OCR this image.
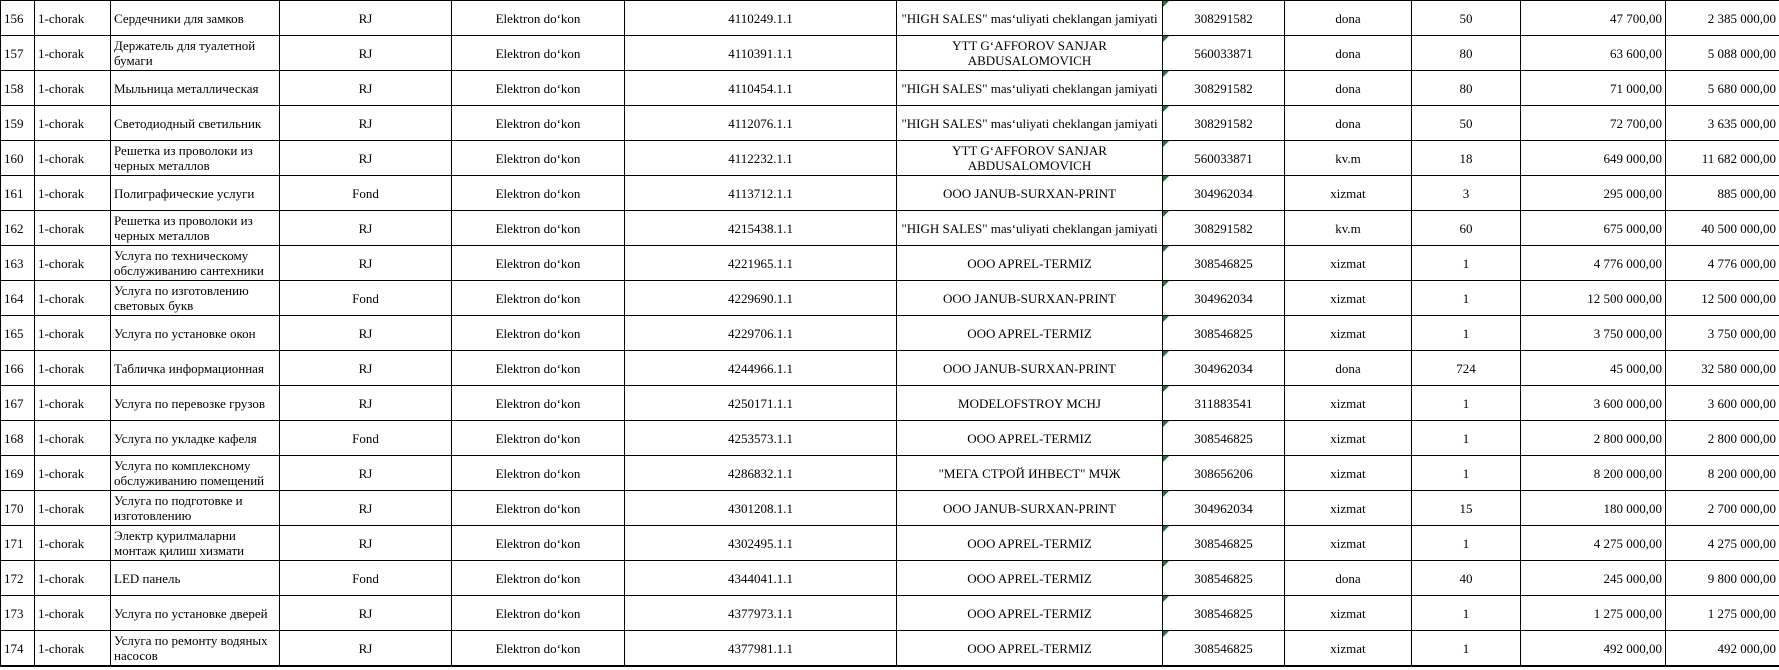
156	1-chorak	Сердечники для замков	RJ	Elektron do‘kon	4110249.1.1	"HIGH SALES" mas‘uliyati cheklangan jamiyati	308291582	dona	50	47 700,00	2 385 000,00
157	1-chorak	Держатель для туалетной бумаги	RJ	Elektron do‘kon	4110391.1.1	YTT G‘AFFOROV SANJAR ABDUSALOMOVICH	560033871	dona	80	63 600,00	5 088 000,00
158	1-chorak	Мыльница металлическая	RJ	Elektron do‘kon	4110454.1.1	"HIGH SALES" mas‘uliyati cheklangan jamiyati	308291582	dona	80	71 000,00	5 680 000,00
159	1-chorak	Светодиодный светильник	RJ	Elektron do‘kon	4112076.1.1	"HIGH SALES" mas‘uliyati cheklangan jamiyati	308291582	dona	50	72 700,00	3 635 000,00
160	1-chorak	Решетка из проволоки из черных металлов	RJ	Elektron do‘kon	4112232.1.1	YTT G‘AFFOROV SANJAR ABDUSALOMOVICH	560033871	kv.m	18	649 000,00	11 682 000,00
161	1-chorak	Полиграфические услуги	Fond	Elektron do‘kon	4113712.1.1	OOO JANUB-SURXAN-PRINT	304962034	xizmat	3	295 000,00	885 000,00
162	1-chorak	Решетка из проволоки из черных металлов	RJ	Elektron do‘kon	4215438.1.1	"HIGH SALES" mas‘uliyati cheklangan jamiyati	308291582	kv.m	60	675 000,00	40 500 000,00
163	1-chorak	Услуга по техническому обслуживанию сантехники	RJ	Elektron do‘kon	4221965.1.1	OOO APREL-TERMIZ	308546825	xizmat	1	4 776 000,00	4 776 000,00
164	1-chorak	Услуга по изготовлению световых букв	Fond	Elektron do‘kon	4229690.1.1	OOO JANUB-SURXAN-PRINT	304962034	xizmat	1	12 500 000,00	12 500 000,00
165	1-chorak	Услуга по установке окон	RJ	Elektron do‘kon	4229706.1.1	OOO APREL-TERMIZ	308546825	xizmat	1	3 750 000,00	3 750 000,00
166	1-chorak	Табличка информационная	RJ	Elektron do‘kon	4244966.1.1	OOO JANUB-SURXAN-PRINT	304962034	dona	724	45 000,00	32 580 000,00
167	1-chorak	Услуга по перевозке грузов	RJ	Elektron do‘kon	4250171.1.1	MODELOFSTROY MCHJ	311883541	xizmat	1	3 600 000,00	3 600 000,00
168	1-chorak	Услуга по укладке кафеля	Fond	Elektron do‘kon	4253573.1.1	OOO APREL-TERMIZ	308546825	xizmat	1	2 800 000,00	2 800 000,00
169	1-chorak	Услуга по комплексному обслуживанию помещений	RJ	Elektron do‘kon	4286832.1.1	"МЕГА СТРОЙ ИНВЕСТ" МЧЖ	308656206	xizmat	1	8 200 000,00	8 200 000,00
170	1-chorak	Услуга по подготовке и изготовлению	RJ	Elektron do‘kon	4301208.1.1	OOO JANUB-SURXAN-PRINT	304962034	xizmat	15	180 000,00	2 700 000,00
171	1-chorak	Электр қурилмаларни монтаж қилиш хизмати	RJ	Elektron do‘kon	4302495.1.1	OOO APREL-TERMIZ	308546825	xizmat	1	4 275 000,00	4 275 000,00
172	1-chorak	LED панель	Fond	Elektron do‘kon	4344041.1.1	OOO APREL-TERMIZ	308546825	dona	40	245 000,00	9 800 000,00
173	1-chorak	Услуга по установке дверей	RJ	Elektron do‘kon	4377973.1.1	OOO APREL-TERMIZ	308546825	xizmat	1	1 275 000,00	1 275 000,00
174	1-chorak	Услуга по ремонту водяных насосов	RJ	Elektron do‘kon	4377981.1.1	OOO APREL-TERMIZ	308546825	xizmat	1	492 000,00	492 000,00
